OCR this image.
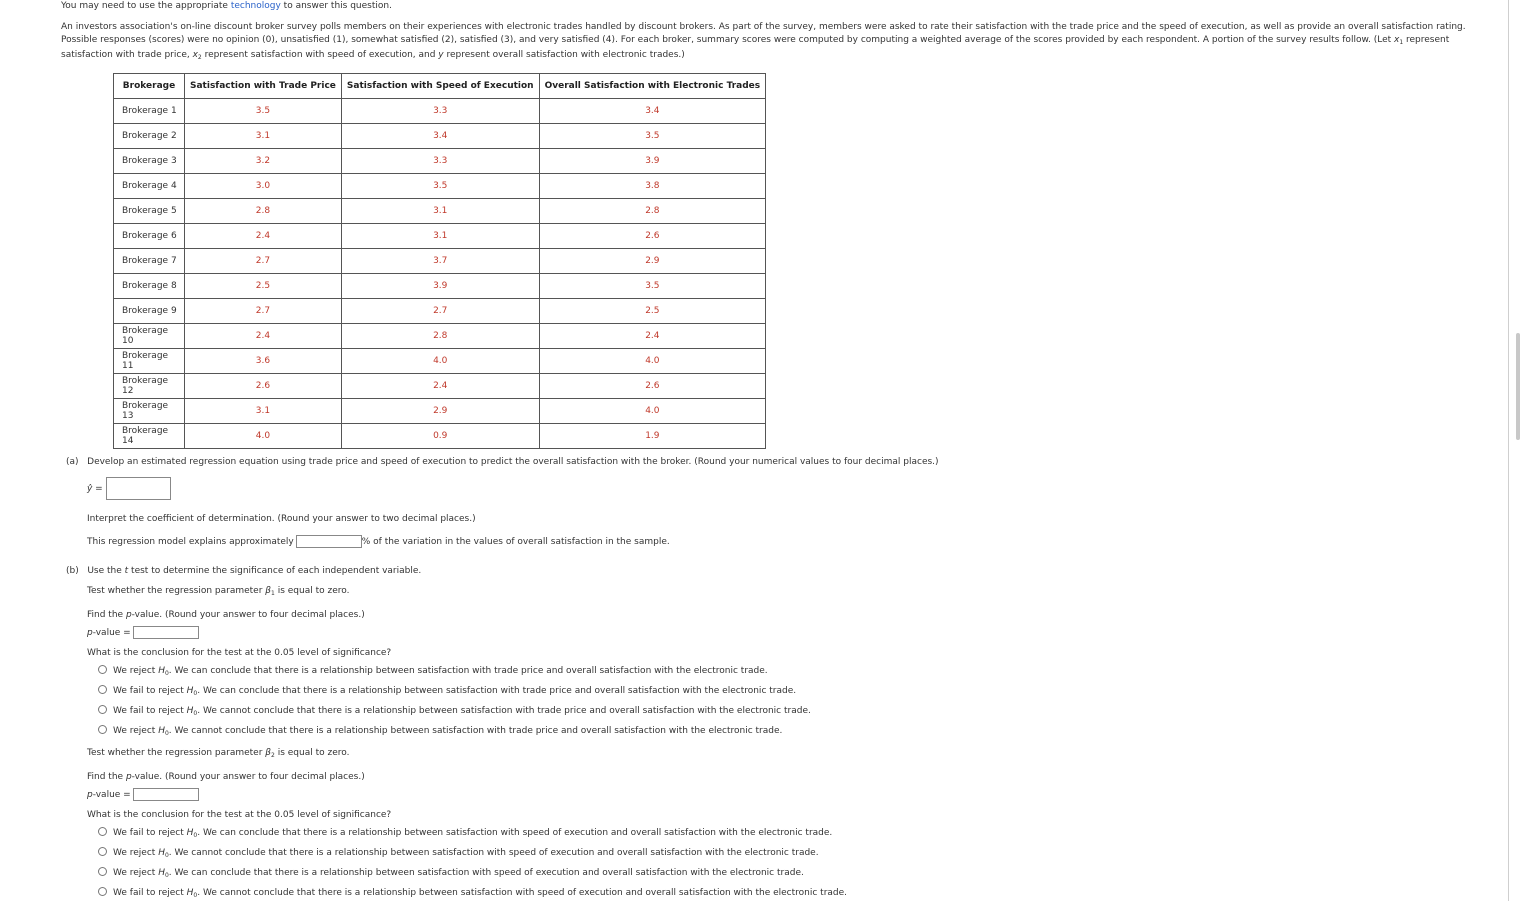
You may need to use the appropriate technology to answer this question.
An investors association's on-line discount broker survey polls members on their experiences with electronic trades handled by discount brokers. As part of the survey, members were asked to rate their satisfaction with the trade price and the speed of execution, as well as provide an overall satisfaction rating. Possible responses (scores) were no opinion (0), unsatisfied (1), somewhat satisfied (2), satisfied (3), and very satisfied (4). For each broker, summary scores were computed by computing a weighted average of the scores provided by each respondent. A portion of the survey results follow. (Let $x_1$ represent satisfaction with trade price, $x_2$ represent satisfaction with speed of execution, and y represent overall satisfaction with electronic trades.)
Brokerage	Satisfaction with Trade Price	Satisfaction with Speed of Execution	Overall Satisfaction with Electronic Trades
Brokerage 1	3.5	3.3	3.4
Brokerage 2	3.1	3.4	3.5
Brokerage 3	3.2	3.3	3.9
Brokerage 4	3.0	3.5	3.8
Brokerage 5	2.8	3.1	2.8
Brokerage 6	2.4	3.1	2.6
Brokerage 7	2.7	3.7	2.9
Brokerage 8	2.5	3.9	3.5
Brokerage 9	2.7	2.7	2.5
Brokerage 10	2.4	2.8	2.4
Brokerage 11	3.6	4.0	4.0
Brokerage 12	2.6	2.4	2.6
Brokerage 13	3.1	2.9	4.0
Brokerage 14	4.0	0.9	1.9
(a) Develop an estimated regression equation using trade price and speed of execution to predict the overall satisfaction with the broker. (Round your numerical values to four decimal places.)
ŷ =
Interpret the coefficient of determination. (Round your answer to two decimal places.)
This regression model explains approximately	% of the variation in the values of overall satisfaction in the sample.
(b) Use the t test to determine the significance of each independent variable.
Test whether the regression parameter $\beta_1$ is equal to zero.
Find the p-value. (Round your answer to four decimal places.)
p-value =
What is the conclusion for the test at the 0.05 level of significance?
We reject $H_0$. We can conclude that there is a relationship between satisfaction with trade price and overall satisfaction with the electronic trade.
We fail to reject $H_0$. We can conclude that there is a relationship between satisfaction with trade price and overall satisfaction with the electronic trade.
We fail to reject $H_0$. We cannot conclude that there is a relationship between satisfaction with trade price and overall satisfaction with the electronic trade.
We reject $H_0$. We cannot conclude that there is a relationship between satisfaction with trade price and overall satisfaction with the electronic trade.
Test whether the regression parameter $\beta_2$ is equal to zero.
Find the p-value. (Round your answer to four decimal places.)
p-value =
What is the conclusion for the test at the 0.05 level of significance?
We fail to reject $H_0$. We can conclude that there is a relationship between satisfaction with speed of execution and overall satisfaction with the electronic trade.
We reject $H_0$. We cannot conclude that there is a relationship between satisfaction with speed of execution and overall satisfaction with the electronic trade.
We reject $H_0$. We can conclude that there is a relationship between satisfaction with speed of execution and overall satisfaction with the electronic trade.
We fail to reject $H_0$. We cannot conclude that there is a relationship between satisfaction with speed of execution and overall satisfaction with the electronic trade.
